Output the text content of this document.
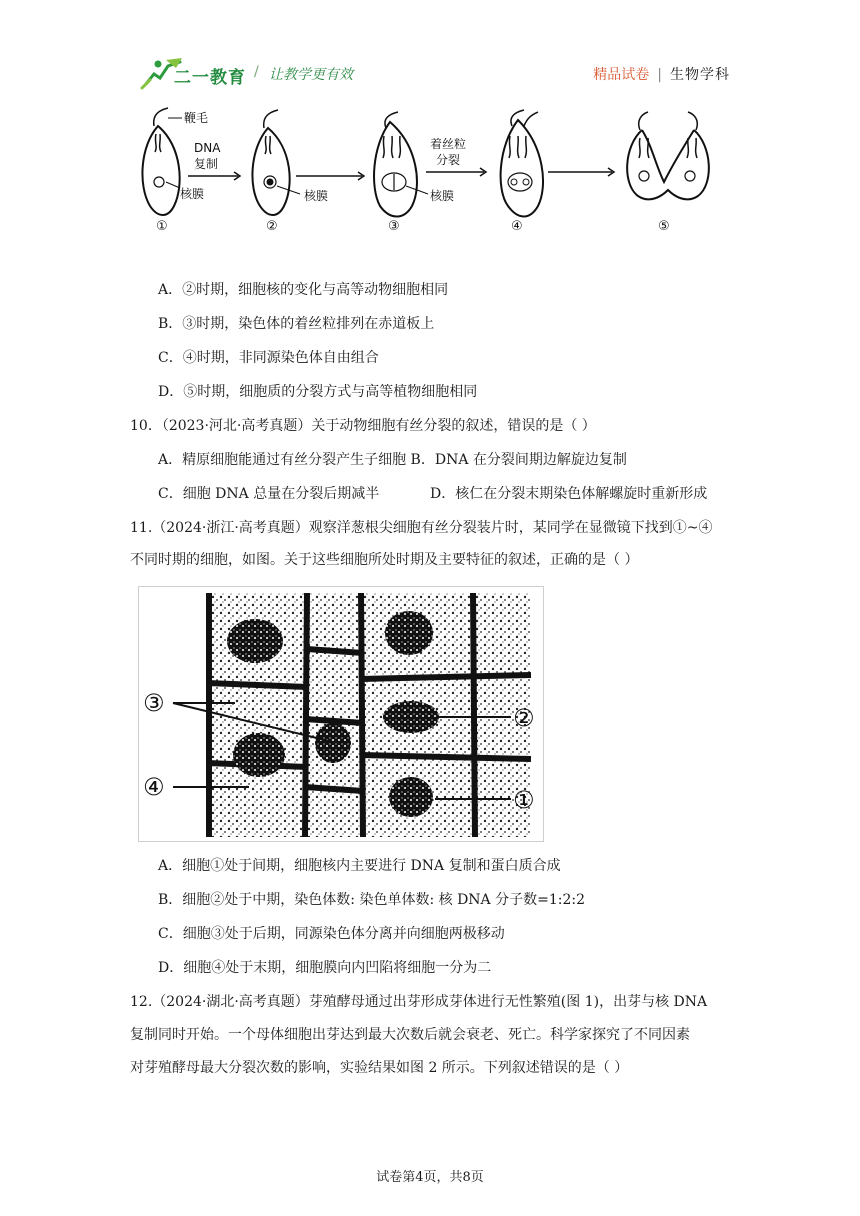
二一教育 / 让教学更有效	精品试卷 | 生物学科
鞭毛
DNA
复制
核膜	核膜
着丝粒
分裂
核膜
①	②	③	④	⑤
A．②时期，细胞核的变化与高等动物细胞相同
B．③时期，染色体的着丝粒排列在赤道板上
C．④时期，非同源染色体自由组合
D．⑤时期，细胞质的分裂方式与高等植物细胞相同
10．（2023·河北·高考真题）关于动物细胞有丝分裂的叙述，错误的是（ ）
A．精原细胞能通过有丝分裂产生子细胞 B．DNA 在分裂间期边解旋边复制
C．细胞 DNA 总量在分裂后期减半	D．核仁在分裂末期染色体解螺旋时重新形成
11.（2024·浙江·高考真题）观察洋葱根尖细胞有丝分裂装片时，某同学在显微镜下找到①~④
不同时期的细胞，如图。关于这些细胞所处时期及主要特征的叙述，正确的是（ ）
③
④
②
①
A．细胞①处于间期，细胞核内主要进行 DNA 复制和蛋白质合成
B．细胞②处于中期，染色体数: 染色单体数: 核 DNA 分子数=1:2:2
C．细胞③处于后期，同源染色体分离并向细胞两极移动
D．细胞④处于末期，细胞膜向内凹陷将细胞一分为二
12.（2024·湖北·高考真题）芽殖酵母通过出芽形成芽体进行无性繁殖(图 1)，出芽与核 DNA
复制同时开始。一个母体细胞出芽达到最大次数后就会衰老、死亡。科学家探究了不同因素
对芽殖酵母最大分裂次数的影响，实验结果如图 2 所示。下列叙述错误的是（ ）
试卷第4页，共8页
